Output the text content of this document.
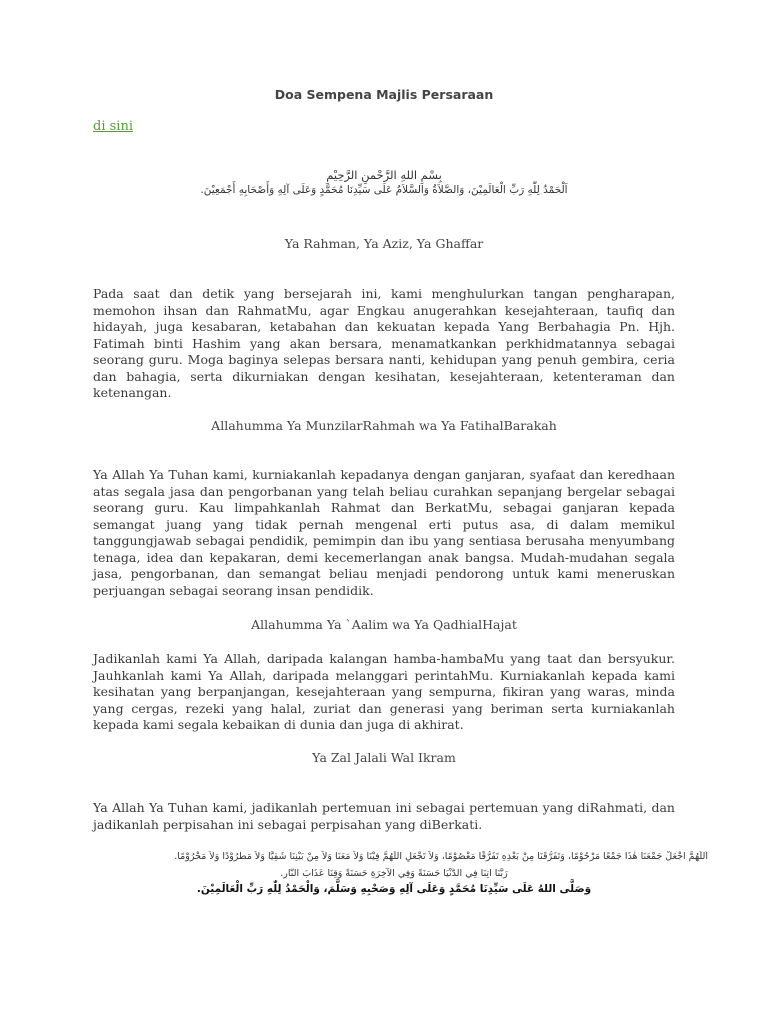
Doa Sempena Majlis Persaraan
di sini
بِسْمِ اللهِ الرَّحْمنِ الرَّحِيْمِ
اَلْحَمْدُ لِلّٰهِ رَبِّ الْعَالَمِيْنَ، وَالصَّلاَةُ وَالسَّلاَمُ عَلَى سَيِّدِنَا مُحَمَّدٍ وَعَلَى آلِهِ وَأَصْحَابِهِ أَجْمَعِيْنَ.
Ya Rahman, Ya Aziz, Ya Ghaffar
Pada saat dan detik yang bersejarah ini, kami menghulurkan tangan pengharapan, memohon ihsan dan RahmatMu, agar Engkau anugerahkan kesejahteraan, taufiq dan hidayah, juga kesabaran, ketabahan dan kekuatan kepada Yang Berbahagia Pn. Hjh. Fatimah binti Hashim yang akan bersara, menamatkankan perkhidmatannya sebagai seorang guru. Moga baginya selepas bersara nanti, kehidupan yang penuh gembira, ceria dan bahagia, serta dikurniakan dengan kesihatan, kesejahteraan, ketenteraman dan ketenangan.
Allahumma Ya MunzilarRahmah wa Ya FatihalBarakah
Ya Allah Ya Tuhan kami, kurniakanlah kepadanya dengan ganjaran, syafaat dan keredhaan atas segala jasa dan pengorbanan yang telah beliau curahkan sepanjang bergelar sebagai seorang guru. Kau limpahkanlah Rahmat dan BerkatMu, sebagai ganjaran kepada semangat juang yang tidak pernah mengenal erti putus asa, di dalam memikul tanggungjawab sebagai pendidik, pemimpin dan ibu yang sentiasa berusaha menyumbang tenaga, idea dan kepakaran, demi kecemerlangan anak bangsa. Mudah-mudahan segala jasa, pengorbanan, dan semangat beliau menjadi pendorong untuk kami meneruskan perjuangan sebagai seorang insan pendidik.
Allahumma Ya `Aalim wa Ya QadhialHajat
Jadikanlah kami Ya Allah, daripada kalangan hamba-hambaMu yang taat dan bersyukur. Jauhkanlah kami Ya Allah, daripada melanggari perintahMu. Kurniakanlah kepada kami kesihatan yang berpanjangan, kesejahteraan yang sempurna, fikiran yang waras, minda yang cergas, rezeki yang halal, zuriat dan generasi yang beriman serta kurniakanlah kepada kami segala kebaikan di dunia dan juga di akhirat.
Ya Zal Jalali Wal Ikram
Ya Allah Ya Tuhan kami, jadikanlah pertemuan ini sebagai pertemuan yang diRahmati, dan jadikanlah perpisahan ini sebagai perpisahan yang diBerkati.
اَللّٰهُمَّ اجْعَلْ جَمْعَنَا هٰذَا جَمْعًا مَرْحُوْمًا، وَتَفَرُّقَنَا مِنْ بَعْدِهِ تَفَرُّقًا مَعْصُوْمًا، وَلاَ تَجْعَلِ اللّٰهُمَّ فِيْنَا وَلاَ مَعَنَا وَلاَ مِنْ بَيْنِنَا شَقِيًّا وَلاَ مَطْرُوْدًا وَلاَ مَحْرُوْمًا.
رَبَّنَا آتِنَا فِي الدُّنْيَا حَسَنَةً وَفِي الْآخِرَةِ حَسَنَةً وَقِنَا عَذَابَ النَّارِ.
وَصَلَّى اللهُ عَلَى سَيِّدِنَا مُحَمَّدٍ وَعَلَى آلِهِ وَصَحْبِهِ وَسَلَّمَ، وَالْحَمْدُ لِلّٰهِ رَبِّ الْعَالَمِيْنَ.
